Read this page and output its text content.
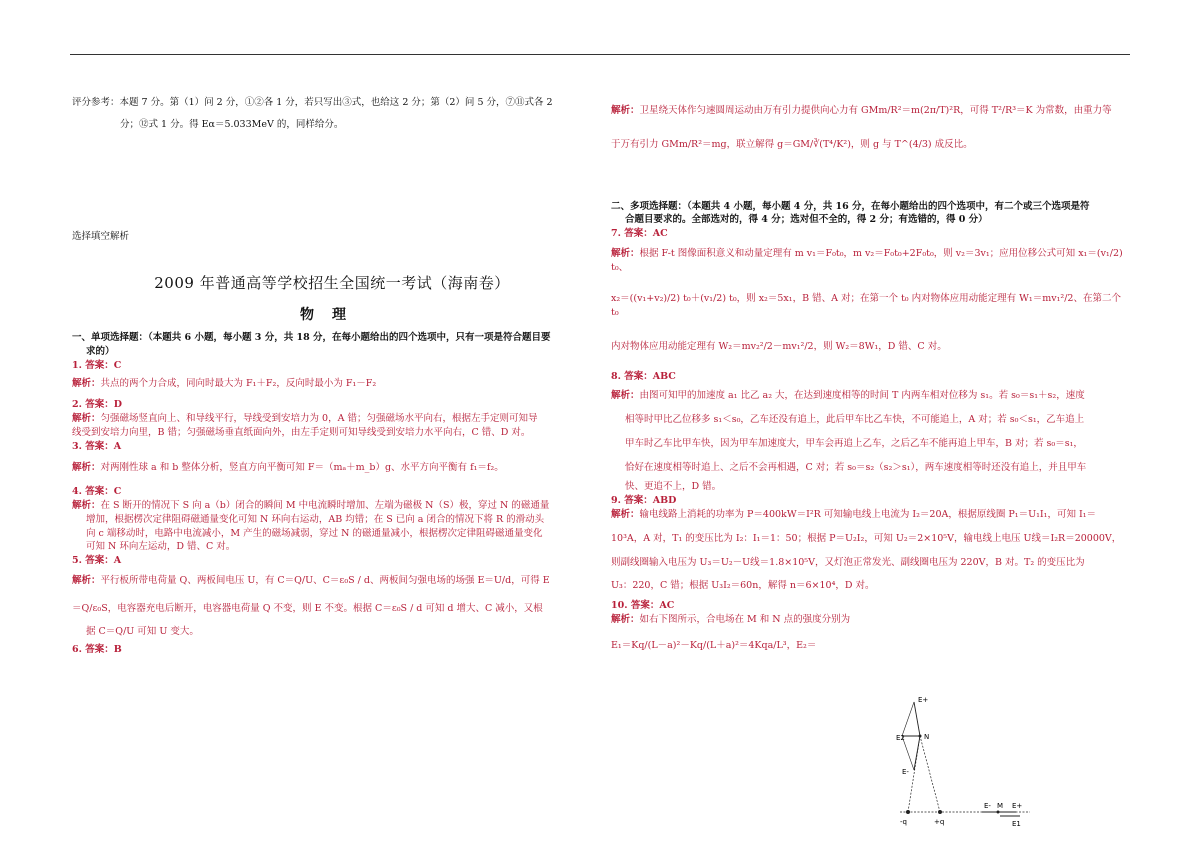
评分参考：本题 7 分。第（1）问 2 分，①②各 1 分，若只写出③式，也给这 2 分；第（2）问 5 分，⑦⑪式各 2

分；⑫式 1 分。得 Eα＝5.033MeV 的，同样给分。

选择填空解析

2009 年普通高等学校招生全国统一考试（海南卷）

物理

一、单项选择题：（本题共 6 小题，每小题 3 分，共 18 分，在每小题给出的四个选项中，只有一项是符合题目要

求的）

1. 答案：C

解析：共点的两个力合成，同向时最大为 F₁＋F₂，反向时最小为 F₁－F₂

2. 答案：D

解析：匀强磁场竖直向上、和导线平行，导线受到安培力为 0，A 错；匀强磁场水平向右，根据左手定则可知导

线受到安培力向里，B 错；匀强磁场垂直纸面向外，由左手定则可知导线受到安培力水平向右，C 错、D 对。

3. 答案：A

解析：对两刚性球 a 和 b 整体分析，竖直方向平衡可知 F＝（mₐ＋m_b）g、水平方向平衡有 f₁＝f₂。

4. 答案：C

解析：在 S 断开的情况下 S 向 a（b）闭合的瞬间 M 中电流瞬时增加、左端为磁极 N（S）极，穿过 N 的磁通量

增加，根据楞次定律阻碍磁通量变化可知 N 环向右运动，AB 均错；在 S 已向 a 闭合的情况下将 R 的滑动头

向 c 端移动时，电路中电流减小，M 产生的磁场减弱，穿过 N 的磁通量减小，根据楞次定律阻碍磁通量变化

可知 N 环向左运动，D 错、C 对。

5. 答案：A

解析：平行板所带电荷量 Q、两板间电压 U，有 C＝Q/U、C＝ε₀S / d、两板间匀强电场的场强 E＝U/d，可得 E

＝Q/ε₀S，电容器充电后断开，电容器电荷量 Q 不变，则 E 不变。根据 C＝ε₀S / d 可知 d 增大、C 减小，又根

据 C＝Q/U 可知 U 变大。

6. 答案：B

解析：卫星绕天体作匀速圆周运动由万有引力提供向心力有 GMm/R²＝m(2π/T)²R，可得 T²/R³＝K 为常数，由重力等

于万有引力 GMm/R²＝mg，联立解得 g＝GM/∛(T⁴/K²)，则 g 与 T^(4/3) 成反比。

二、多项选择题：（本题共 4 小题，每小题 4 分，共 16 分，在每小题给出的四个选项中，有二个或三个选项是符

合题目要求的。全部选对的，得 4 分；选对但不全的，得 2 分；有选错的，得 0 分）

7. 答案：AC

解析：根据 F-t 图像面积意义和动量定理有 m v₁＝F₀t₀，m v₂＝F₀t₀+2F₀t₀，则 v₂＝3v₁；应用位移公式可知 x₁＝(v₁/2) t₀、

x₂＝((v₁+v₂)/2) t₀＋(v₁/2) t₀，则 x₂＝5x₁，B 错、A 对；在第一个 t₀ 内对物体应用动能定理有 W₁＝mv₁²/2、在第二个 t₀

内对物体应用动能定理有 W₂＝mv₂²/2－mv₁²/2，则 W₂＝8W₁，D 错、C 对。

8. 答案：ABC

解析：由图可知甲的加速度 a₁ 比乙 a₂ 大，在达到速度相等的时间 T 内两车相对位移为 s₁。若 s₀＝s₁＋s₂，速度

相等时甲比乙位移多 s₁＜s₀，乙车还没有追上，此后甲车比乙车快，不可能追上，A 对；若 s₀＜s₁，乙车追上

甲车时乙车比甲车快，因为甲车加速度大，甲车会再追上乙车，之后乙车不能再追上甲车，B 对；若 s₀＝s₁，

恰好在速度相等时追上、之后不会再相遇，C 对；若 s₀＝s₂（s₂＞s₁），两车速度相等时还没有追上，并且甲车

快、更追不上，D 错。

9. 答案：ABD

解析：输电线路上消耗的功率为 P＝400kW＝I²R 可知输电线上电流为 I₂＝20A，根据原线圈 P₁＝U₁I₁，可知 I₁＝

10³A，A 对，T₁ 的变压比为 I₂：I₁＝1：50；根据 P＝U₂I₂，可知 U₂＝2×10⁵V，输电线上电压 U线＝I₂R＝20000V，

则副线圈输入电压为 U₃＝U₂－U线＝1.8×10⁵V，又灯泡正常发光、副线圈电压为 220V，B 对。T₂ 的变压比为

U₃：220，C 错；根据 U₃I₂＝60n，解得 n＝6×10⁴，D 对。

10. 答案：AC

解析：如右下图所示，合电场在 M 和 N 点的强度分别为

E₁＝Kq/(L－a)²－Kq/(L＋a)²＝4Kqa/L³，E₂＝

E+
E2	N
E-
-q	+q
E- M E+
E1
